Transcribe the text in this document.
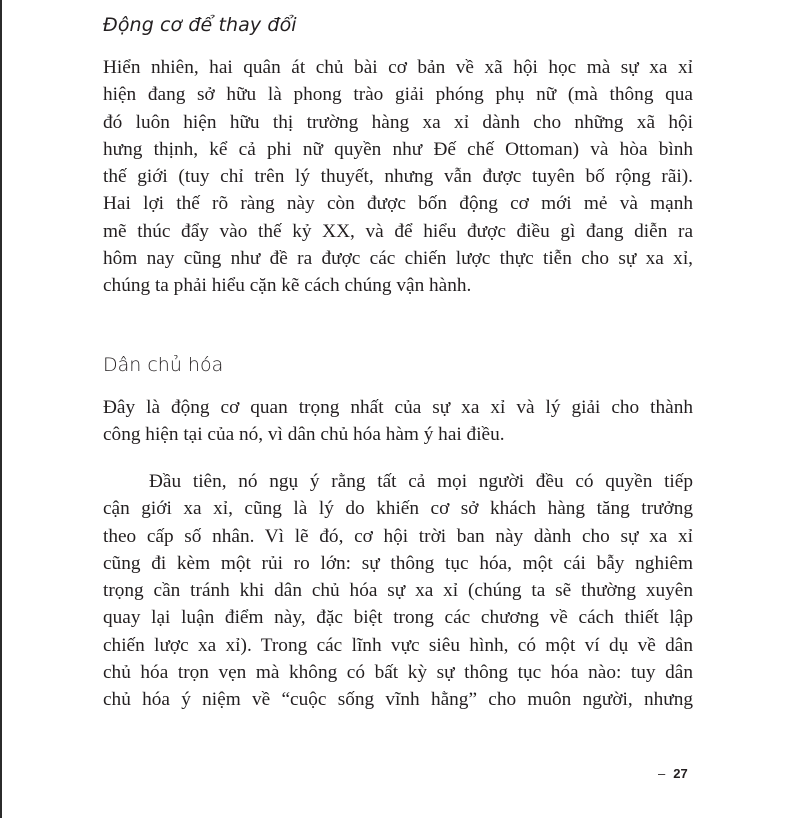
Động cơ để thay đổi
Hiển nhiên, hai quân át chủ bài cơ bản về xã hội học mà sự xa xỉ
hiện đang sở hữu là phong trào giải phóng phụ nữ (mà thông qua
đó luôn hiện hữu thị trường hàng xa xỉ dành cho những xã hội
hưng thịnh, kể cả phi nữ quyền như Đế chế Ottoman) và hòa bình
thế giới (tuy chỉ trên lý thuyết, nhưng vẫn được tuyên bố rộng rãi).
Hai lợi thế rõ ràng này còn được bốn động cơ mới mẻ và mạnh
mẽ thúc đẩy vào thế kỷ XX, và để hiểu được điều gì đang diễn ra
hôm nay cũng như đề ra được các chiến lược thực tiễn cho sự xa xỉ,
chúng ta phải hiểu cặn kẽ cách chúng vận hành.
Dân chủ hóa
Đây là động cơ quan trọng nhất của sự xa xỉ và lý giải cho thành
công hiện tại của nó, vì dân chủ hóa hàm ý hai điều.
Đầu tiên, nó ngụ ý rằng tất cả mọi người đều có quyền tiếp
cận giới xa xỉ, cũng là lý do khiến cơ sở khách hàng tăng trưởng
theo cấp số nhân. Vì lẽ đó, cơ hội trời ban này dành cho sự xa xỉ
cũng đi kèm một rủi ro lớn: sự thông tục hóa, một cái bẫy nghiêm
trọng cần tránh khi dân chủ hóa sự xa xỉ (chúng ta sẽ thường xuyên
quay lại luận điểm này, đặc biệt trong các chương về cách thiết lập
chiến lược xa xỉ). Trong các lĩnh vực siêu hình, có một ví dụ về dân
chủ hóa trọn vẹn mà không có bất kỳ sự thông tục hóa nào: tuy dân
chủ hóa ý niệm về “cuộc sống vĩnh hằng” cho muôn người, nhưng
– 27
